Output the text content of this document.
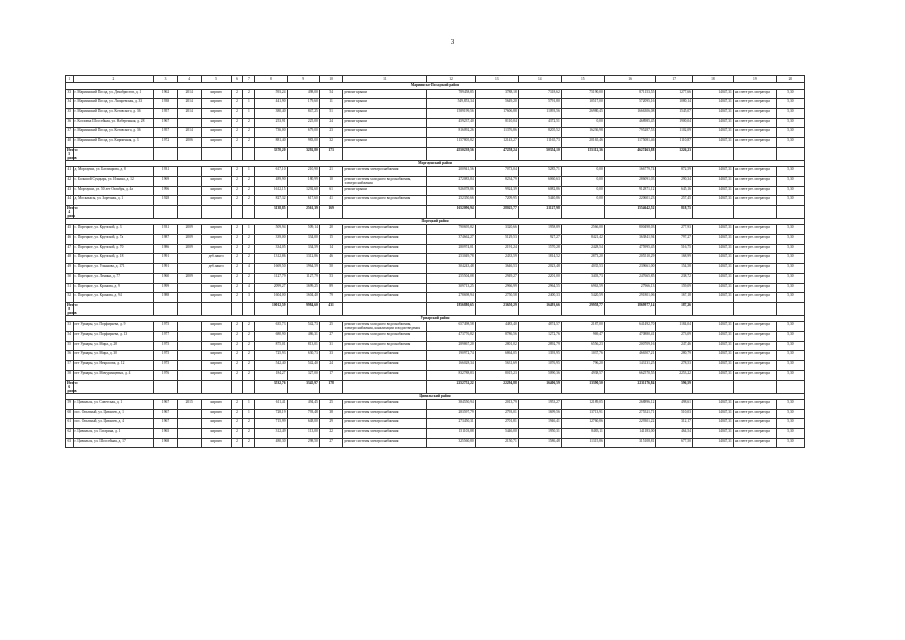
3
1	2	3	4	5	6	7	8	9	10	11	12	13	14	15	16	17	18	19	20
Мариинско-Посадский район																			
33	г. Мариинский Посад, ул. Декабристов, д. 1	1962	2014	кирпич	2	2	593,24	498,00	54	ремонт крыши	789458,85	3788,18	7318,62	75190,00	871153,55	1277,66	14047,31	на счете рег. оператора	5,30
34	г. Мариинский Посад, ул. Лазаревская, д. 33	1938	2014	кирпич	2	1	441,90	179,60	11	ремонт крыши	549,853,34	5649,20	5791,80	10517,00	572095,16	1080,14	14047,31	на счете рег. оператора	5,30
35	г. Мариинский Посад, ул. Котовского, д. 36	1957	2014	кирпич	2	1	380,40	847,25	51	ремонт крыши	1589199,56	17606,88	11093,56	26980,45	1666306,08	1545,07	14047,31	на счете рег. оператора	5,30
36	г. Козловка Шоссейная, ул. Набережная, д. 28	1967		кирпич	2	2	253,91	225,00	24	ремонт крыши	459237,40	8110,04	4372,51	0,00	468985,45	1900,04	14047,31	на счете рег. оператора	5,30
37	г. Мариинский Посад, ул. Котовского, д. 36	1957	2014	кирпич	2	2	736,00	679,00	23	ремонт крыши	816092,26	11376,86	8205,52	16236,98	795287,53	1102,09	14047,31	на счете рег. оператора	5,30
40	г. Мариинский Посад, ул. Кирпичная, д. 3	1972	2006	кирпич	2	2	881,40	983,00	32	ремонт крыши	1157805,82	12143,27	11165,73	20165,46	1175081,46	1110,87	14047,31	на счете рег. оператора	5,30
Итого: 5 домов							3370,20	3292,80	173		4550239,56	47258,24	50354,10	155112,36	4627463,88	1226,23			
Моргаушский район																			
41	д. Моргауши, ул. Бахтиярова, д. 8	1931		кирпич	2	1	617,10	210,90	21	ремонт системы электроснабжения	200941,56	7073,04	5285,71	0,00	166779,74	872,59	14047,31	на счете рег. оператора	5,30
42	с. Большой Сундырь, ул. Ильина, д. 12	1969		кирпич	2	2	489,90	180,99	10	ремонт системы холодного водоснабжения, электроснабжения	272083,84	8234,79	6060,63	0,00	286091,03	290,34	14047,31	на счете рег. оператора	5,30
43	с. Моргауши, ул. 50 лет Октября, д. 4а	1996		кирпич	2	2	1612,15	1292,60	61	ремонт крыши	926078,86	9924,39	6082,86	0,00	912871,12	645,16	14047,31	на счете рег. оператора	5,30
44	д. Москакасы, ул. Заречная, д. 1	1928		кирпич	2	2	827,32	617,60	41	ремонт системы холодного водоснабжения	252350,66	7209,95	5440,86	0,00	220601,23	257,45	14047,31	на счете рег. оператора	5,30
Итого: 4 дома							3138,85	2561,39	169		1652096,94	28025,77	21127,98		1554642,52	818,75			
Порецкий район																			
45	с. Порецкое, ул. Крупской, д. 3	1931	2009	кирпич	2	1	509,94	509,14	20	ремонт системы электроснабжения	790695,82	3320,66	1958,89	2566,00	800498,03	277,93	14047,31	на счете рег. оператора	5,30
46	с. Порецкое, ул. Крупской, д. 7а	1987	2009	кирпич	2	2	339,00	334,00	15	ремонт системы электроснабжения	374662,27	5129,53	927,27	8421,42	363841,94	797,27	14047,31	на счете рег. оператора	5,30
47	с. Порецкое, ул. Крупской, д. 70	1986	2009	кирпич	2	2	334,05	334,59	14	ремонт системы электроснабжения	280974,01	2191,24	1570,28	2428,54	475995,45	516,75	14047,31	на счете рег. оператора	5,30
48	с. Порецкое, ул. Крупской, д. 18	1991		деб.панел	2	2	1312,86	1312,86	46	ремонт системы электроснабжения	253049,78	2433,59	1814,52	2873,20	205510,29	168,99	14047,31	на счете рег. оператора	5,30
49	с. Порецкое, ул. Ульянова, д. 171	1991		деб.панел	2	4	1669,50	1964,59	50	ремонт системы электроснабжения	304243,48	3646,53	2023,48	4035,53	239661,00	154,58	14047,31	на счете рег. оператора	5,30
50	с. Порецкое, ул. Ленина, д. 77	1960	2009	кирпич	2	2	1127,79	1127,79	53	ремонт системы электроснабжения	255504,08	2949,27	2201,00	3403,73	247665,85	238,72	14047,31	на счете рег. оператора	5,30
51	с. Порецкое, ул. Кронова, д. 9	1999		кирпич	2	4	2099,27	1699,25	89	ремонт системы электроснабжения	309713,25	2966,99	2964,55	6963,59	27966,13	159,09	14047,31	на счете рег. оператора	5,30
52	с. Порецкое, ул. Кронова, д. 94	1988		кирпич	2	3	1604,00	1604,40	79	ремонт системы электроснабжения	278698,94	2750,58	2400,33	5420,59	291801,06	167,18	14047,31	на счете рег. оператора	5,30
Итого: 8 домов							10012,59	9984,60	431		1856880,65	23650,29	16493,66	29958,77	1869977,14	187,26			
Урмарский район																			
53	пгт Урмары, ул. Порфирьева, д. 9	1975		кирпич	2	2	635,73	542,73	25	ремонт системы холодного водоснабжения, электроснабжения, канализации и водоотведения	657498,58	4483,40	4874,57	2187,00	641492,70	1184,04	14047,31	на счете рег. оператора	5,30
54	пгт Урмары, ул. Порфирьева, д. 13	1977		кирпич	2	2	680,90	486,31	27	ремонт системы холодного водоснабжения	473776,82	8786,56	1272,76	969,47	470880,41	273,09	14047,31	на счете рег. оператора	5,30
55	пгт Урмары, ул. Мира, д. 28	1975		кирпич	2	2	875,01	813,01	31	ремонт системы холодного водоснабжения	289867,20	2801,02	2892,79	6556,23	200709,16	247,46	14047,31	на счете рег. оператора	5,30
56	пгт Урмары, ул. Мира, д. 30	1975		кирпич	2	2	725,93	630,73	33	ремонт системы электроснабжения	190972,74	6864,05	1393,95	1037,76	466507,21	280,79	14047,31	на счете рег. оператора	5,30
57	пгт Урмары, ул. Некрасова, д. 12	1975		кирпич	2	2	542,40	542,40	24	ремонт системы электроснабжения	166028,34	5631,69	1076,95	796,20	143131,25	278,53	14047,31	на счете рег. оператора	5,30
58	пгт Урмары, ул. Мичуринцевых, д. 4	1976		кирпич	2	2	184,27	327,00	17	ремонт системы электроснабжения	832788,83	8015,23	5090,36	4938,57	662570,55	2253,22	14047,31	на счете рег. оператора	5,30
Итого: 6 домов							3532,76	3345,97	178		2252752,22	22294,88	16406,59	13390,50	2231176,84	596,59			
Цивильский район																			
59	г. Цивильск, ул. Советская, д. 1	1967	2015	кирпич	2	1	611,41	494,45	25	ремонт системы электроснабжения	384550,94	2013,79	1953,27	12189,05	268896,12	498,61	14047,31	на счете рег. оператора	5,30
60	пос. Опытный, ул. Цивилев, д. 1	1967		кирпич	2	1	728,19	793,48	38	ремонт системы электроснабжения	283597,79	2793,01	1699,56	13713,91	275521,71	510,03	14047,31	на счете рег. оператора	5,30
61	пос. Опытный, ул. Цивилев, д. 4	1967		кирпич	2	2	715,99	648,00	29	ремонт системы электроснабжения	273450,31	2701,81	1946,41	12760,86	229301,22	312,17	14047,31	на счете рег. оператора	5,30
62	г. Цивильск, ул. Гагарина, д. 1	1965		кирпич	2	2	312,49	113,00	22	ремонт системы электроснабжения	151103,88	5446,00	1950,31	8483,11	141183,00	464,54	14047,31	на счете рег. оператора	5,30
63	г. Цивильск, ул. Шоссейная, д. 17	1968		кирпич	2	2	480,30	298,50	27	ремонт системы электроснабжения	325560,80	2150,71	1586,48	11315,86	315108,81	677,50	14047,31	на счете рег. оператора	5,30
